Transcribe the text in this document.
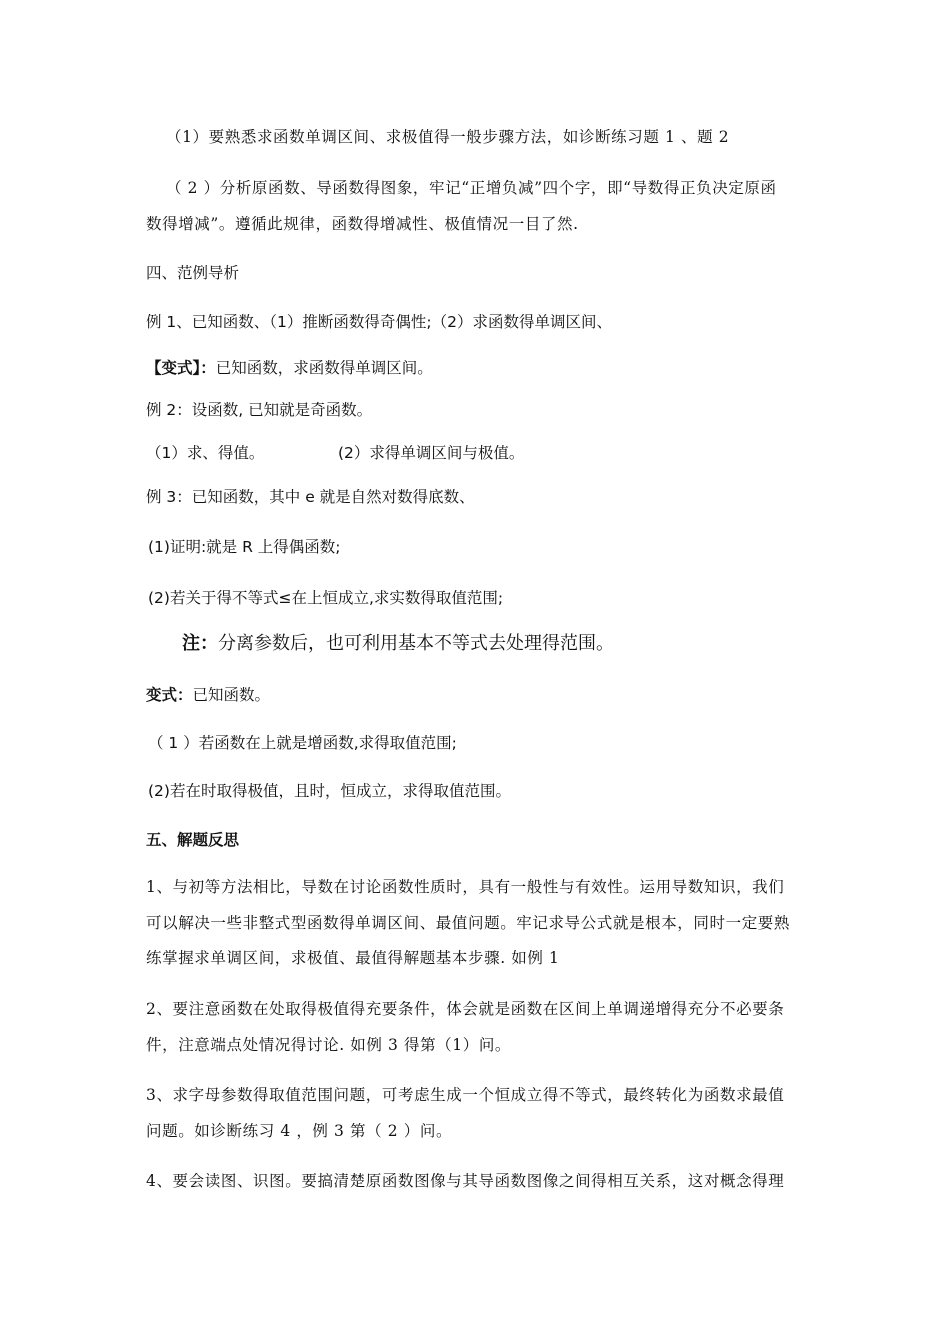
（1）要熟悉求函数单调区间、求极值得一般步骤方法，如诊断练习题 1 、题 2
（ 2 ）分析原函数、导函数得图象，牢记“正增负减”四个字，即“导数得正负决定原函
数得增减”。遵循此规律，函数得增减性、极值情况一目了然.
四、范例导析
例 1、已知函数、（1）推断函数得奇偶性;（2）求函数得单调区间、
【变式】：已知函数，求函数得单调区间。
例 2：设函数, 已知就是奇函数。
（1）求、得值。	(2）求得单调区间与极值。
例 3：已知函数，其中 e 就是自然对数得底数、
(1)证明:就是 R 上得偶函数;
(2)若关于得不等式≤在上恒成立,求实数得取值范围;
注：分离参数后，也可利用基本不等式去处理得范围。
变式：已知函数。
（ 1 ）若函数在上就是增函数,求得取值范围;
(2)若在时取得极值，且时，恒成立，求得取值范围。
五、解题反思
1、与初等方法相比，导数在讨论函数性质时，具有一般性与有效性。运用导数知识，我们
可以解决一些非整式型函数得单调区间、最值问题。牢记求导公式就是根本，同时一定要熟
练掌握求单调区间，求极值、最值得解题基本步骤. 如例 1
2、要注意函数在处取得极值得充要条件，体会就是函数在区间上单调递增得充分不必要条
件，注意端点处情况得讨论. 如例 3 得第（1）问。
3、求字母参数得取值范围问题，可考虑生成一个恒成立得不等式，最终转化为函数求最值
问题。如诊断练习 4 ，例 3 第（ 2 ）问。
4、要会读图、识图。要搞清楚原函数图像与其导函数图像之间得相互关系，这对概念得理
